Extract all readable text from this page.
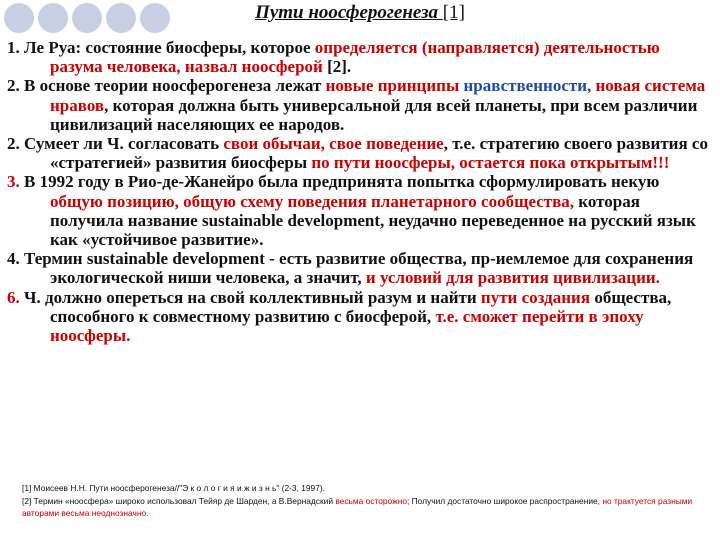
Пути ноосферогенеза [1]

1. Ле Руа: состояние биосферы, которое определяется (направляется) деятельностью разума человека, назвал ноосферой [2].

2. В основе теории ноосферогенеза лежат новые принципы нравственности, новая система нравов, которая должна быть универсальной для всей планеты, при всем различии цивилизаций населяющих ее народов.

2. Сумеет ли Ч. согласовать свои обычаи, свое поведение, т.е. стратегию своего развития со «стратегией» развития биосферы по пути ноосферы, остается пока открытым!!!

3. В 1992 году в Рио-де-Жанейро была предпринята попытка сформулировать некую общую позицию, общую схему поведения планетарного сообщества, которая получила название sustainable development, неудачно переведенное на русский язык как «устойчивое развитие».

4. Термин sustainable development - есть развитие общества, пр-иемлемое для сохранения экологической ниши человека, а значит, и условий для развития цивилизации.

6. Ч. должно опереться на свой коллективный разум и найти пути создания общества, способного к совместному развитию с биосферой, т.е. сможет перейти в эпоху ноосферы.

[1] Моисеев Н.Н. Пути ноосферогенеза//"Э к о л о г и я и ж и з н ь" (2-3, 1997).
[2] Термин «ноосфера» широко использовал Тейяр де Шарден, а В.Вернадский весьма осторожно; Получил достаточно широкое распространение, но трактуется разными авторами весьма неоднозначно.
